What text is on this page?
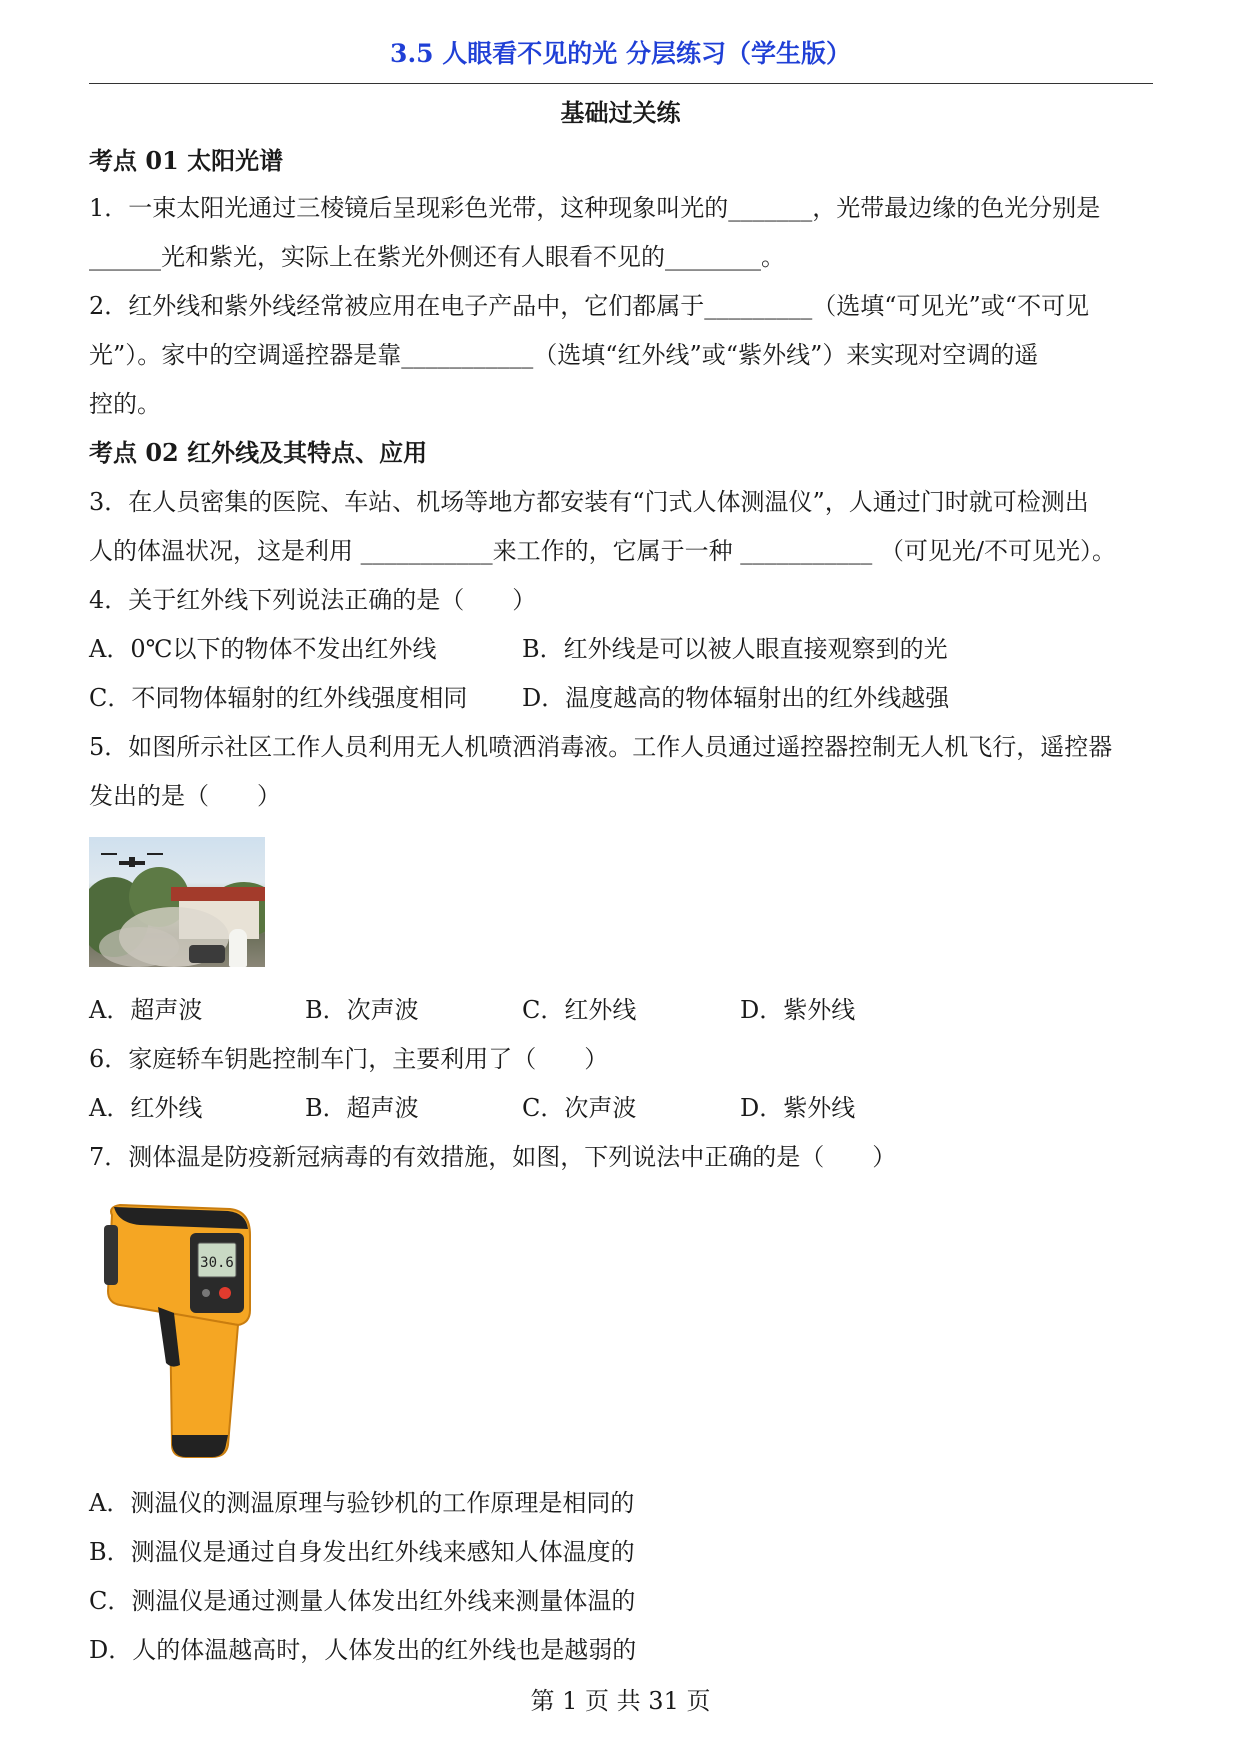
3.5 人眼看不见的光 分层练习（学生版）
基础过关练
考点 01 太阳光谱
1．一束太阳光通过三棱镜后呈现彩色光带，这种现象叫光的_______，光带最边缘的色光分别是
______光和紫光，实际上在紫光外侧还有人眼看不见的________。
2．红外线和紫外线经常被应用在电子产品中，它们都属于_________（选填“可见光”或“不可见
光”）。家中的空调遥控器是靠___________（选填“红外线”或“紫外线”）来实现对空调的遥
控的。
考点 02 红外线及其特点、应用
3．在人员密集的医院、车站、机场等地方都安装有“门式人体测温仪”，人通过门时就可检测出
人的体温状况，这是利用 ___________来工作的，它属于一种 ___________ （可见光/不可见光）。
4．关于红外线下列说法正确的是（　　）
A．0℃以下的物体不发出红外线	B．红外线是可以被人眼直接观察到的光
C．不同物体辐射的红外线强度相同 D．温度越高的物体辐射出的红外线越强
5．如图所示社区工作人员利用无人机喷洒消毒液。工作人员通过遥控器控制无人机飞行，遥控器
发出的是（　　）
A．超声波	B．次声波	C．红外线	D．紫外线
6．家庭轿车钥匙控制车门，主要利用了（　　）
A．红外线	B．超声波	C．次声波	D．紫外线
7．测体温是防疫新冠病毒的有效措施，如图，下列说法中正确的是（　　）
30.6
A．测温仪的测温原理与验钞机的工作原理是相同的
B．测温仪是通过自身发出红外线来感知人体温度的
C．测温仪是通过测量人体发出红外线来测量体温的
D．人的体温越高时，人体发出的红外线也是越弱的
第 1 页 共 31 页
